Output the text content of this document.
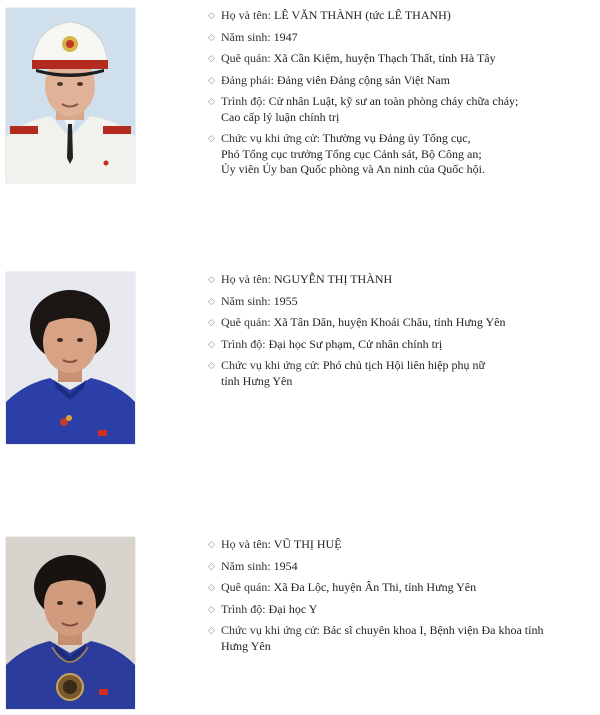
◇ Họ và tên: LÊ VĂN THÀNH (tức LÊ THANH)
◇ Năm sinh: 1947
◇ Quê quán: Xã Cần Kiệm, huyện Thạch Thất, tỉnh Hà Tây
◇ Đảng phái: Đảng viên Đảng cộng sản Việt Nam
◇ Trình độ: Cử nhân Luật, kỹ sư an toàn phòng cháy chữa cháy;
Cao cấp lý luận chính trị
◇ Chức vụ khi ứng cử: Thường vụ Đảng ủy Tổng cục,
Phó Tổng cục trưởng Tổng cục Cảnh sát, Bộ Công an;
Ủy viên Ủy ban Quốc phòng và An ninh của Quốc hội.
◇ Họ và tên: NGUYỄN THỊ THÀNH
◇ Năm sinh: 1955
◇ Quê quán: Xã Tân Dân, huyện Khoái Châu, tỉnh Hưng Yên
◇ Trình độ: Đại học Sư phạm, Cử nhân chính trị
◇ Chức vụ khi ứng cử: Phó chủ tịch Hội liên hiệp phụ nữ
tỉnh Hưng Yên
◇ Họ và tên: VŨ THỊ HUỆ
◇ Năm sinh: 1954
◇ Quê quán: Xã Đa Lộc, huyện Ân Thi, tỉnh Hưng Yên
◇ Trình độ: Đại học Y
◇ Chức vụ khi ứng cử: Bác sĩ chuyên khoa I, Bệnh viện Đa khoa tỉnh
Hưng Yên
